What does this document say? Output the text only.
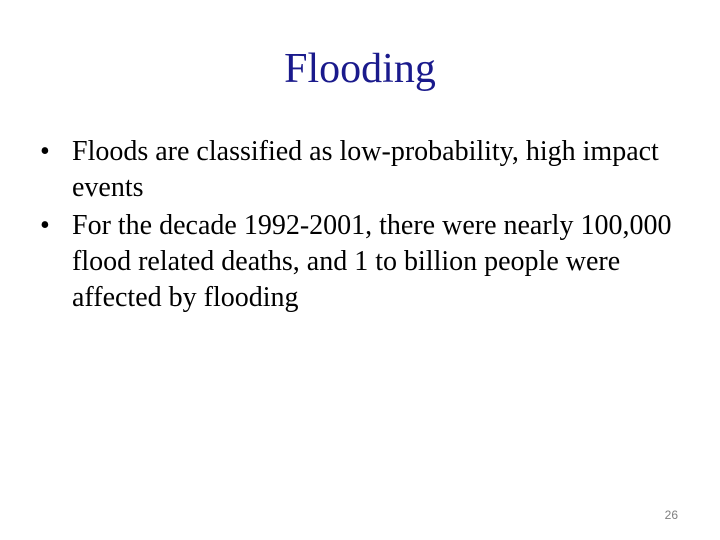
Flooding
• Floods are classified as low-probability, high impact events
• For the decade 1992-2001, there were nearly 100,000 flood related deaths, and 1 to billion people were affected by flooding
26
